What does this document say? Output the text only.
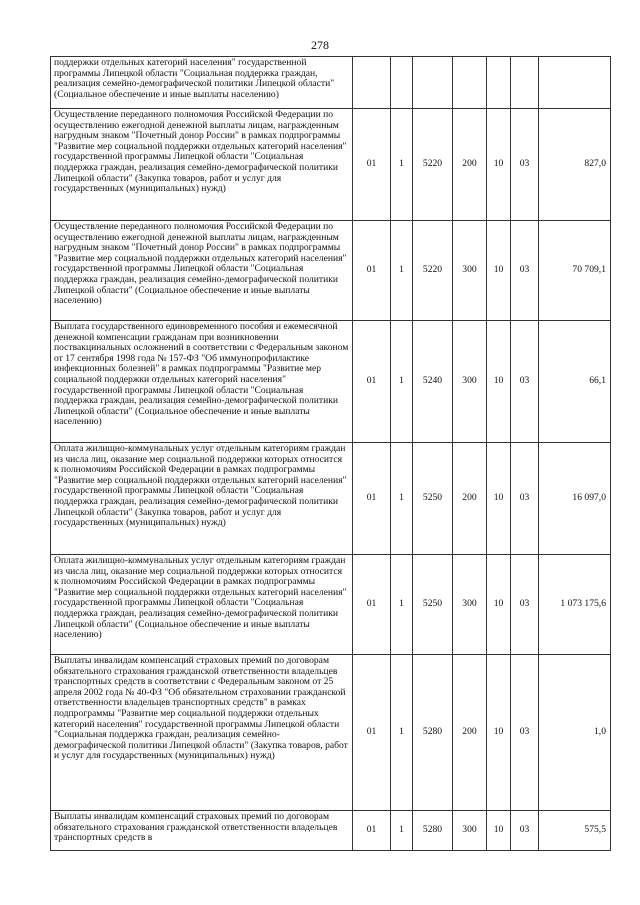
278
поддержки отдельных категорий населения" государственной программы Липецкой области "Социальная поддержка граждан, реализация семейно-демографической политики Липецкой области" (Социальное обеспечение и иные выплаты населению)							
Осуществление переданного полномочия Российской Федерации по осуществлению ежегодной денежной выплаты лицам, награжденным нагрудным знаком "Почетный донор России" в рамках подпрограммы "Развитие мер социальной поддержки отдельных категорий населения" государственной программы Липецкой области "Социальная поддержка граждан, реализация семейно-демографической политики Липецкой области" (Закупка товаров, работ и услуг для государственных (муниципальных) нужд)	01	1	5220	200	10	03	827,0
Осуществление переданного полномочия Российской Федерации по осуществлению ежегодной денежной выплаты лицам, награжденным нагрудным знаком "Почетный донор России" в рамках подпрограммы "Развитие мер социальной поддержки отдельных категорий населения" государственной программы Липецкой области "Социальная поддержка граждан, реализация семейно-демографической политики Липецкой области" (Социальное обеспечение и иные выплаты населению)	01	1	5220	300	10	03	70 709,1
Выплата государственного единовременного пособия и ежемесячной денежной компенсации гражданам при возникновении поствакцинальных осложнений в соответствии с Федеральным законом от 17 сентября 1998 года № 157-ФЗ "Об иммунопрофилактике инфекционных болезней" в рамках подпрограммы "Развитие мер социальной поддержки отдельных категорий населения" государственной программы Липецкой области "Социальная поддержка граждан, реализация семейно-демографической политики Липецкой области" (Социальное обеспечение и иные выплаты населению)	01	1	5240	300	10	03	66,1
Оплата жилищно-коммунальных услуг отдельным категориям граждан из числа лиц, оказание мер социальной поддержки которых относится к полномочиям Российской Федерации в рамках подпрограммы "Развитие мер социальной поддержки отдельных категорий населения" государственной программы Липецкой области "Социальная поддержка граждан, реализация семейно-демографической политики Липецкой области" (Закупка товаров, работ и услуг для государственных (муниципальных) нужд)	01	1	5250	200	10	03	16 097,0
Оплата жилищно-коммунальных услуг отдельным категориям граждан из числа лиц, оказание мер социальной поддержки которых относится к полномочиям Российской Федерации в рамках подпрограммы "Развитие мер социальной поддержки отдельных категорий населения" государственной программы Липецкой области "Социальная поддержка граждан, реализация семейно-демографической политики Липецкой области" (Социальное обеспечение и иные выплаты населению)	01	1	5250	300	10	03	1 073 175,6
Выплаты инвалидам компенсаций страховых премий по договорам обязательного страхования гражданской ответственности владельцев транспортных средств в соответствии с Федеральным законом от 25 апреля 2002 года № 40-ФЗ "Об обязательном страховании гражданской ответственности владельцев транспортных средств" в рамках подпрограммы "Развитие мер социальной поддержки отдельных категорий населения" государственной программы Липецкой области "Социальная поддержка граждан, реализация семейно-демографической политики Липецкой области" (Закупка товаров, работ и услуг для государственных (муниципальных) нужд)	01	1	5280	200	10	03	1,0
Выплаты инвалидам компенсаций страховых премий по договорам обязательного страхования гражданской ответственности владельцев транспортных средств в	01	1	5280	300	10	03	575,5
